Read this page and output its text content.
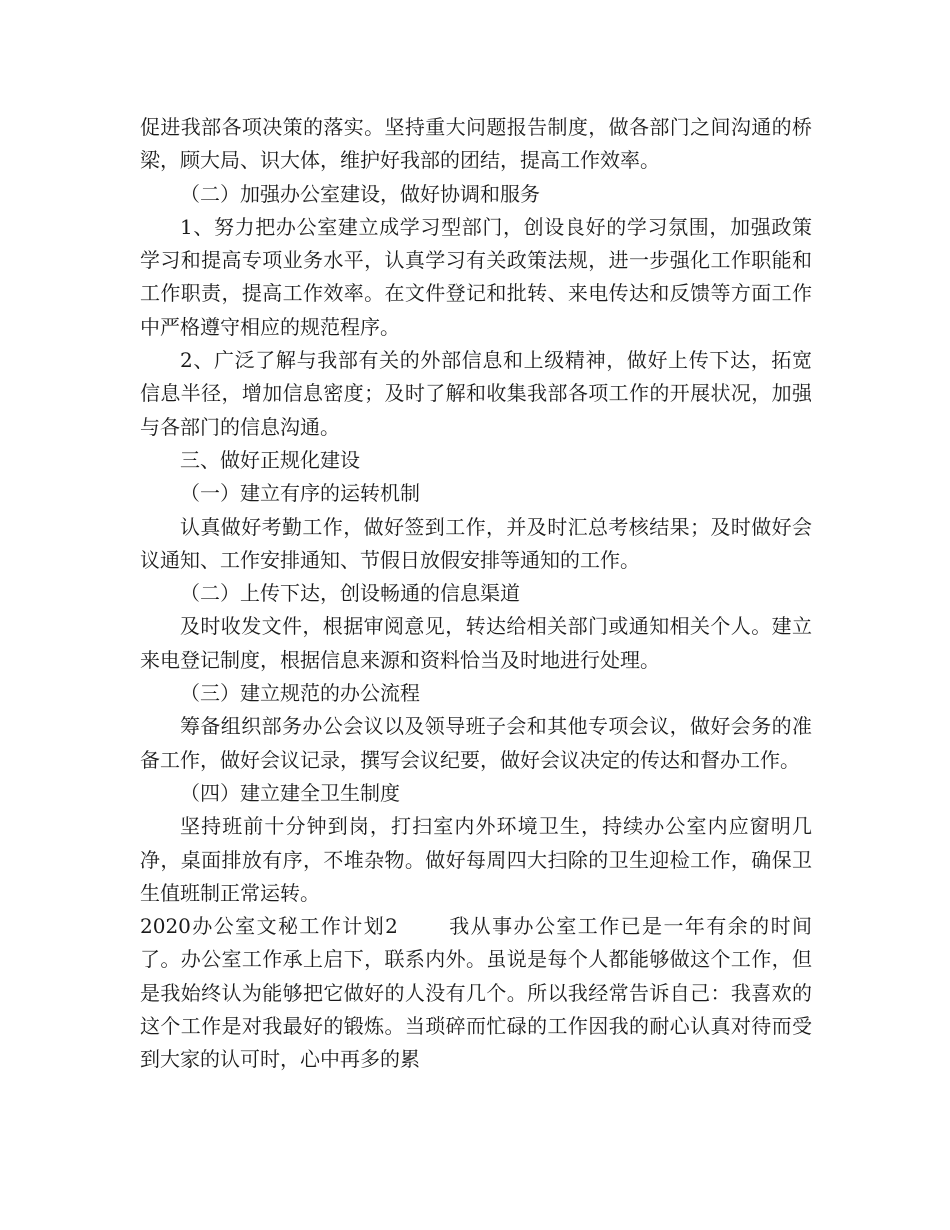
促进我部各项决策的落实。坚持重大问题报告制度，做各部门之间沟通的桥梁，顾大局、识大体，维护好我部的团结，提高工作效率。

（二）加强办公室建设，做好协调和服务

1、努力把办公室建立成学习型部门，创设良好的学习氛围，加强政策学习和提高专项业务水平，认真学习有关政策法规，进一步强化工作职能和工作职责，提高工作效率。在文件登记和批转、来电传达和反馈等方面工作中严格遵守相应的规范程序。

2、广泛了解与我部有关的外部信息和上级精神，做好上传下达，拓宽信息半径，增加信息密度；及时了解和收集我部各项工作的开展状况，加强与各部门的信息沟通。

三、做好正规化建设

（一）建立有序的运转机制

认真做好考勤工作，做好签到工作，并及时汇总考核结果；及时做好会议通知、工作安排通知、节假日放假安排等通知的工作。

（二）上传下达，创设畅通的信息渠道

及时收发文件，根据审阅意见，转达给相关部门或通知相关个人。建立来电登记制度，根据信息来源和资料恰当及时地进行处理。

（三）建立规范的办公流程

筹备组织部务办公会议以及领导班子会和其他专项会议，做好会务的准备工作，做好会议记录，撰写会议纪要，做好会议决定的传达和督办工作。

（四）建立建全卫生制度

坚持班前十分钟到岗，打扫室内外环境卫生，持续办公室内应窗明几净，桌面排放有序，不堆杂物。做好每周四大扫除的卫生迎检工作，确保卫生值班制正常运转。

2020办公室文秘工作计划2	我从事办公室工作已是一年有余的时间了。办公室工作承上启下，联系内外。虽说是每个人都能够做这个工作，但是我始终认为能够把它做好的人没有几个。所以我经常告诉自己：我喜欢的这个工作是对我最好的锻炼。当琐碎而忙碌的工作因我的耐心认真对待而受到大家的认可时，心中再多的累
